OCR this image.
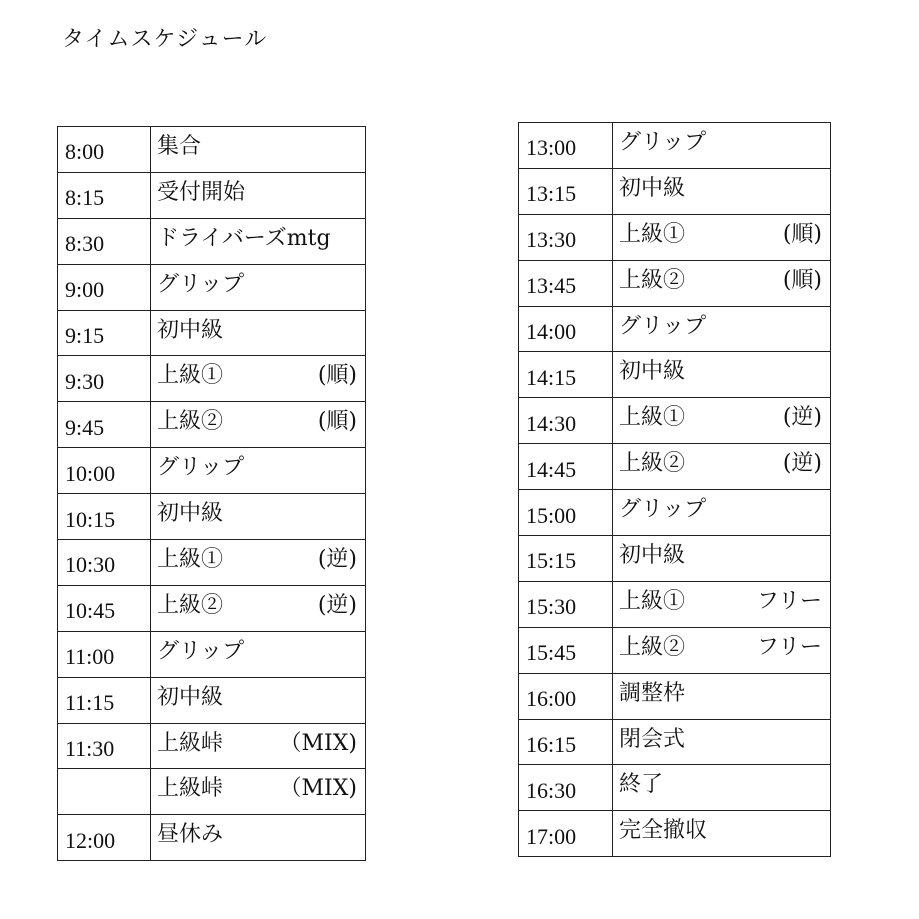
タイムスケジュール
8:00	集合

8:15	受付開始

8:30	ドライバーズmtg

9:00	グリップ

9:15	初中級

9:30	上級① (順)

9:45	上級② (順)

10:00	グリップ

10:15	初中級

10:30	上級① (逆)

10:45	上級② (逆)

11:00	グリップ

11:15	初中級

11:30	上級峠 （MIX)

	上級峠 （MIX)

12:00	昼休み
13:00	グリップ

13:15	初中級

13:30	上級① (順)

13:45	上級② (順)

14:00	グリップ

14:15	初中級

14:30	上級① (逆)

14:45	上級② (逆)

15:00	グリップ

15:15	初中級

15:30	上級① フリー

15:45	上級② フリー

16:00	調整枠

16:15	閉会式

16:30	終了

17:00	完全撤収
